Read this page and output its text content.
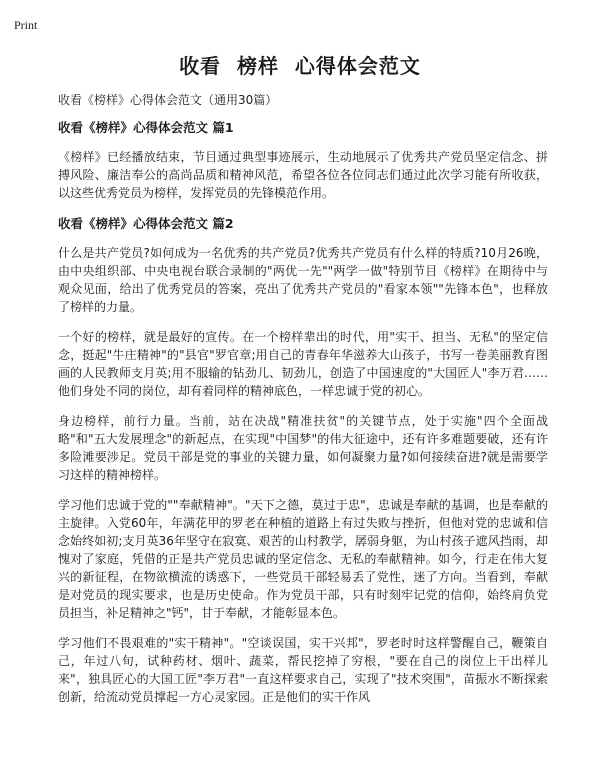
Print
收看  榜样  心得体会范文

收看《榜样》心得体会范文（通用30篇）

收看《榜样》心得体会范文 篇1

《榜样》已经播放结束，节目通过典型事迹展示，生动地展示了优秀共产党员坚定信念、拼搏风险、廉洁奉公的高尚品质和精神风范，希望各位各位同志们通过此次学习能有所收获，以这些优秀党员为榜样，发挥党员的先锋模范作用。

收看《榜样》心得体会范文 篇2

什么是共产党员?如何成为一名优秀的共产党员?优秀共产党员有什么样的特质?10月26晚，由中央组织部、中央电视台联合录制的"两优一先""两学一做"特别节目《榜样》在期待中与观众见面，给出了优秀党员的答案，亮出了优秀共产党员的"看家本领""先锋本色"，也释放了榜样的力量。

一个好的榜样，就是最好的宣传。在一个榜样辈出的时代，用"实干、担当、无私"的坚定信念，挺起"牛庄精神"的"县官"罗官章;用自己的青春年华滋养大山孩子，书写一卷美丽教育图画的人民教师支月英;用不服输的钻劲儿、韧劲儿，创造了中国速度的"大国匠人"李万君……他们身处不同的岗位，却有着同样的精神底色，一样忠诚于党的初心。

身边榜样，前行力量。当前，站在决战"精准扶贫"的关键节点，处于实施"四个全面战略"和"五大发展理念"的新起点，在实现"中国梦"的伟大征途中，还有许多难题要破，还有许多险滩要涉足。党员干部是党的事业的关键力量，如何凝聚力量?如何接续奋进?就是需要学习这样的精神榜样。

学习他们忠诚于党的""奉献精神"。"天下之德，莫过于忠"，忠诚是奉献的基调，也是奉献的主旋律。入党60年，年满花甲的罗老在种植的道路上有过失败与挫折，但他对党的忠诚和信念始终如初;支月英36年坚守在寂寞、艰苦的山村教学，孱弱身躯，为山村孩子遮风挡雨，却愧对了家庭，凭借的正是共产党员忠诚的坚定信念、无私的奉献精神。如今，行走在伟大复兴的新征程，在物欲横流的诱惑下，一些党员干部轻易丢了党性，迷了方向。当看到，奉献是对党员的现实要求，也是历史使命。作为党员干部，只有时刻牢记党的信仰，始终肩负党员担当，补足精神之"钙"，甘于奉献，才能彰显本色。

学习他们不畏艰难的"实干精神"。"空谈误国，实干兴邦"，罗老时时这样警醒自己，鞭策自己，年过八旬，试种药材、烟叶、蔬菜，帮民挖掉了穷根，"要在自己的岗位上干出样儿来"，独具匠心的大国工匠"李万君"一直这样要求自己，实现了"技术突围"，苗振水不断探索创新，给流动党员撑起一方心灵家园。正是他们的实干作风
